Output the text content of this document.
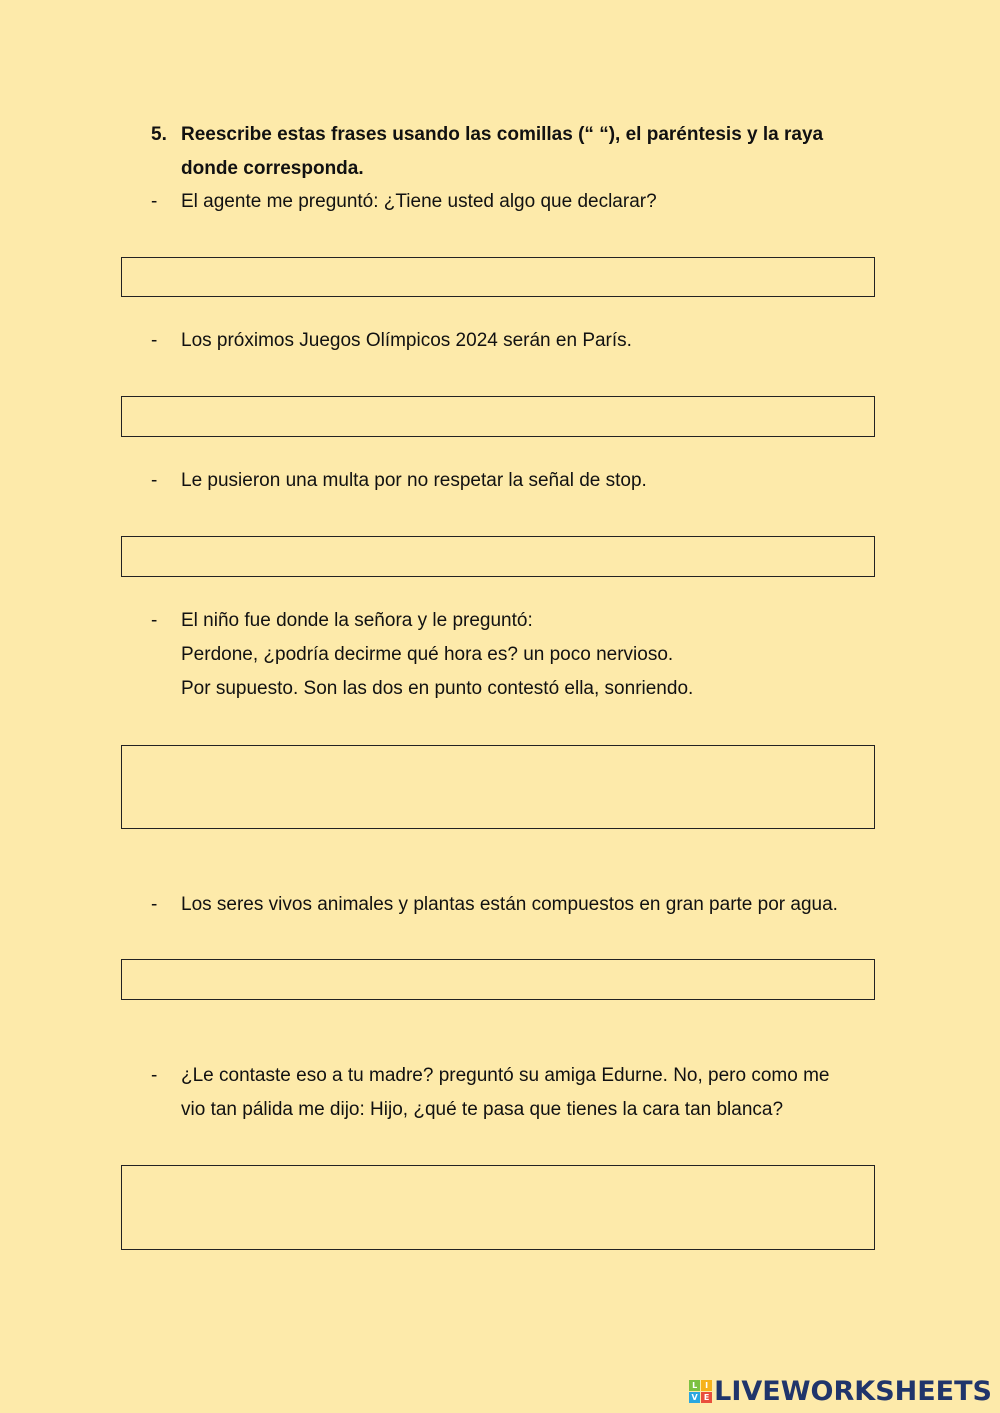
5. Reescribe estas frases usando las comillas (“ “), el paréntesis y la raya donde corresponda.
- El agente me preguntó: ¿Tiene usted algo que declarar?
- Los próximos Juegos Olímpicos 2024 serán en París.
- Le pusieron una multa por no respetar la señal de stop.
- El niño fue donde la señora y le preguntó:
Perdone, ¿podría decirme qué hora es? un poco nervioso.
Por supuesto. Son las dos en punto contestó ella, sonriendo.
- Los seres vivos animales y plantas están compuestos en gran parte por agua.
- ¿Le contaste eso a tu madre? preguntó su amiga Edurne. No, pero como me
vio tan pálida me dijo: Hijo, ¿qué te pasa que tienes la cara tan blanca?
L I
V E LIVEWORKSHEETS
